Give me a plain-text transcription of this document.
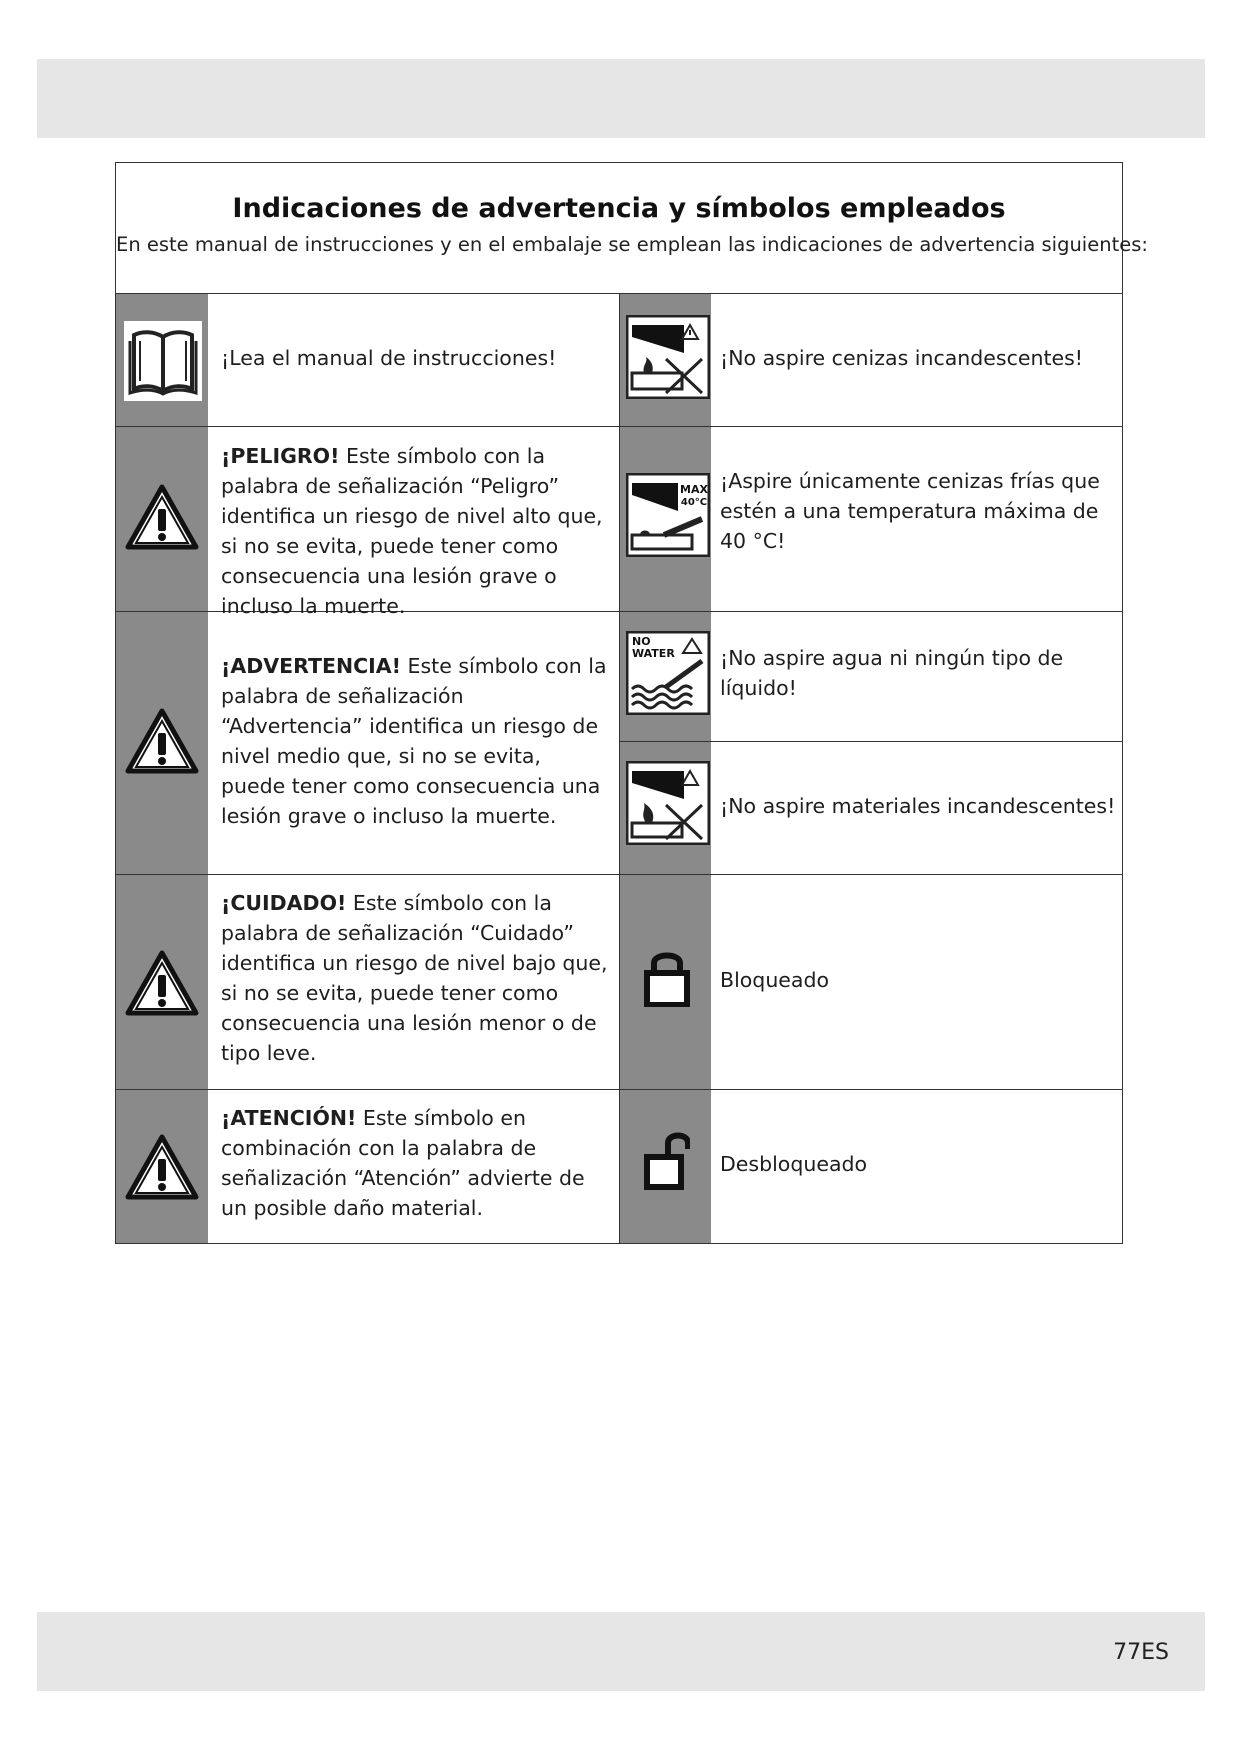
Indicaciones de advertencia y símbolos empleados
En este manual de instrucciones y en el embalaje se emplean las indicaciones de advertencia siguientes:
¡Lea el manual de instrucciones!	¡No aspire cenizas incandescentes!
¡PELIGRO! Este símbolo con la palabra de señalización “Peligro” identifica un riesgo de nivel alto que, si no se evita, puede tener como consecuencia una lesión grave o incluso la muerte.
MAX
40°C
¡Aspire únicamente cenizas frías que estén a una temperatura máxima de 40 °C!
¡ADVERTENCIA! Este símbolo con la palabra de señalización “Advertencia” identifica un riesgo de nivel medio que, si no se evita, puede tener como consecuencia una lesión grave o incluso la muerte.
NO
WATER ¡No aspire agua ni ningún tipo de líquido!
¡No aspire materiales incandescentes!
¡CUIDADO! Este símbolo con la palabra de señalización “Cuidado” identifica un riesgo de nivel bajo que, si no se evita, puede tener como consecuencia una lesión menor o de tipo leve.
Bloqueado
¡ATENCIÓN! Este símbolo en combinación con la palabra de señalización “Atención” advierte de un posible daño material.
Desbloqueado
77ES
